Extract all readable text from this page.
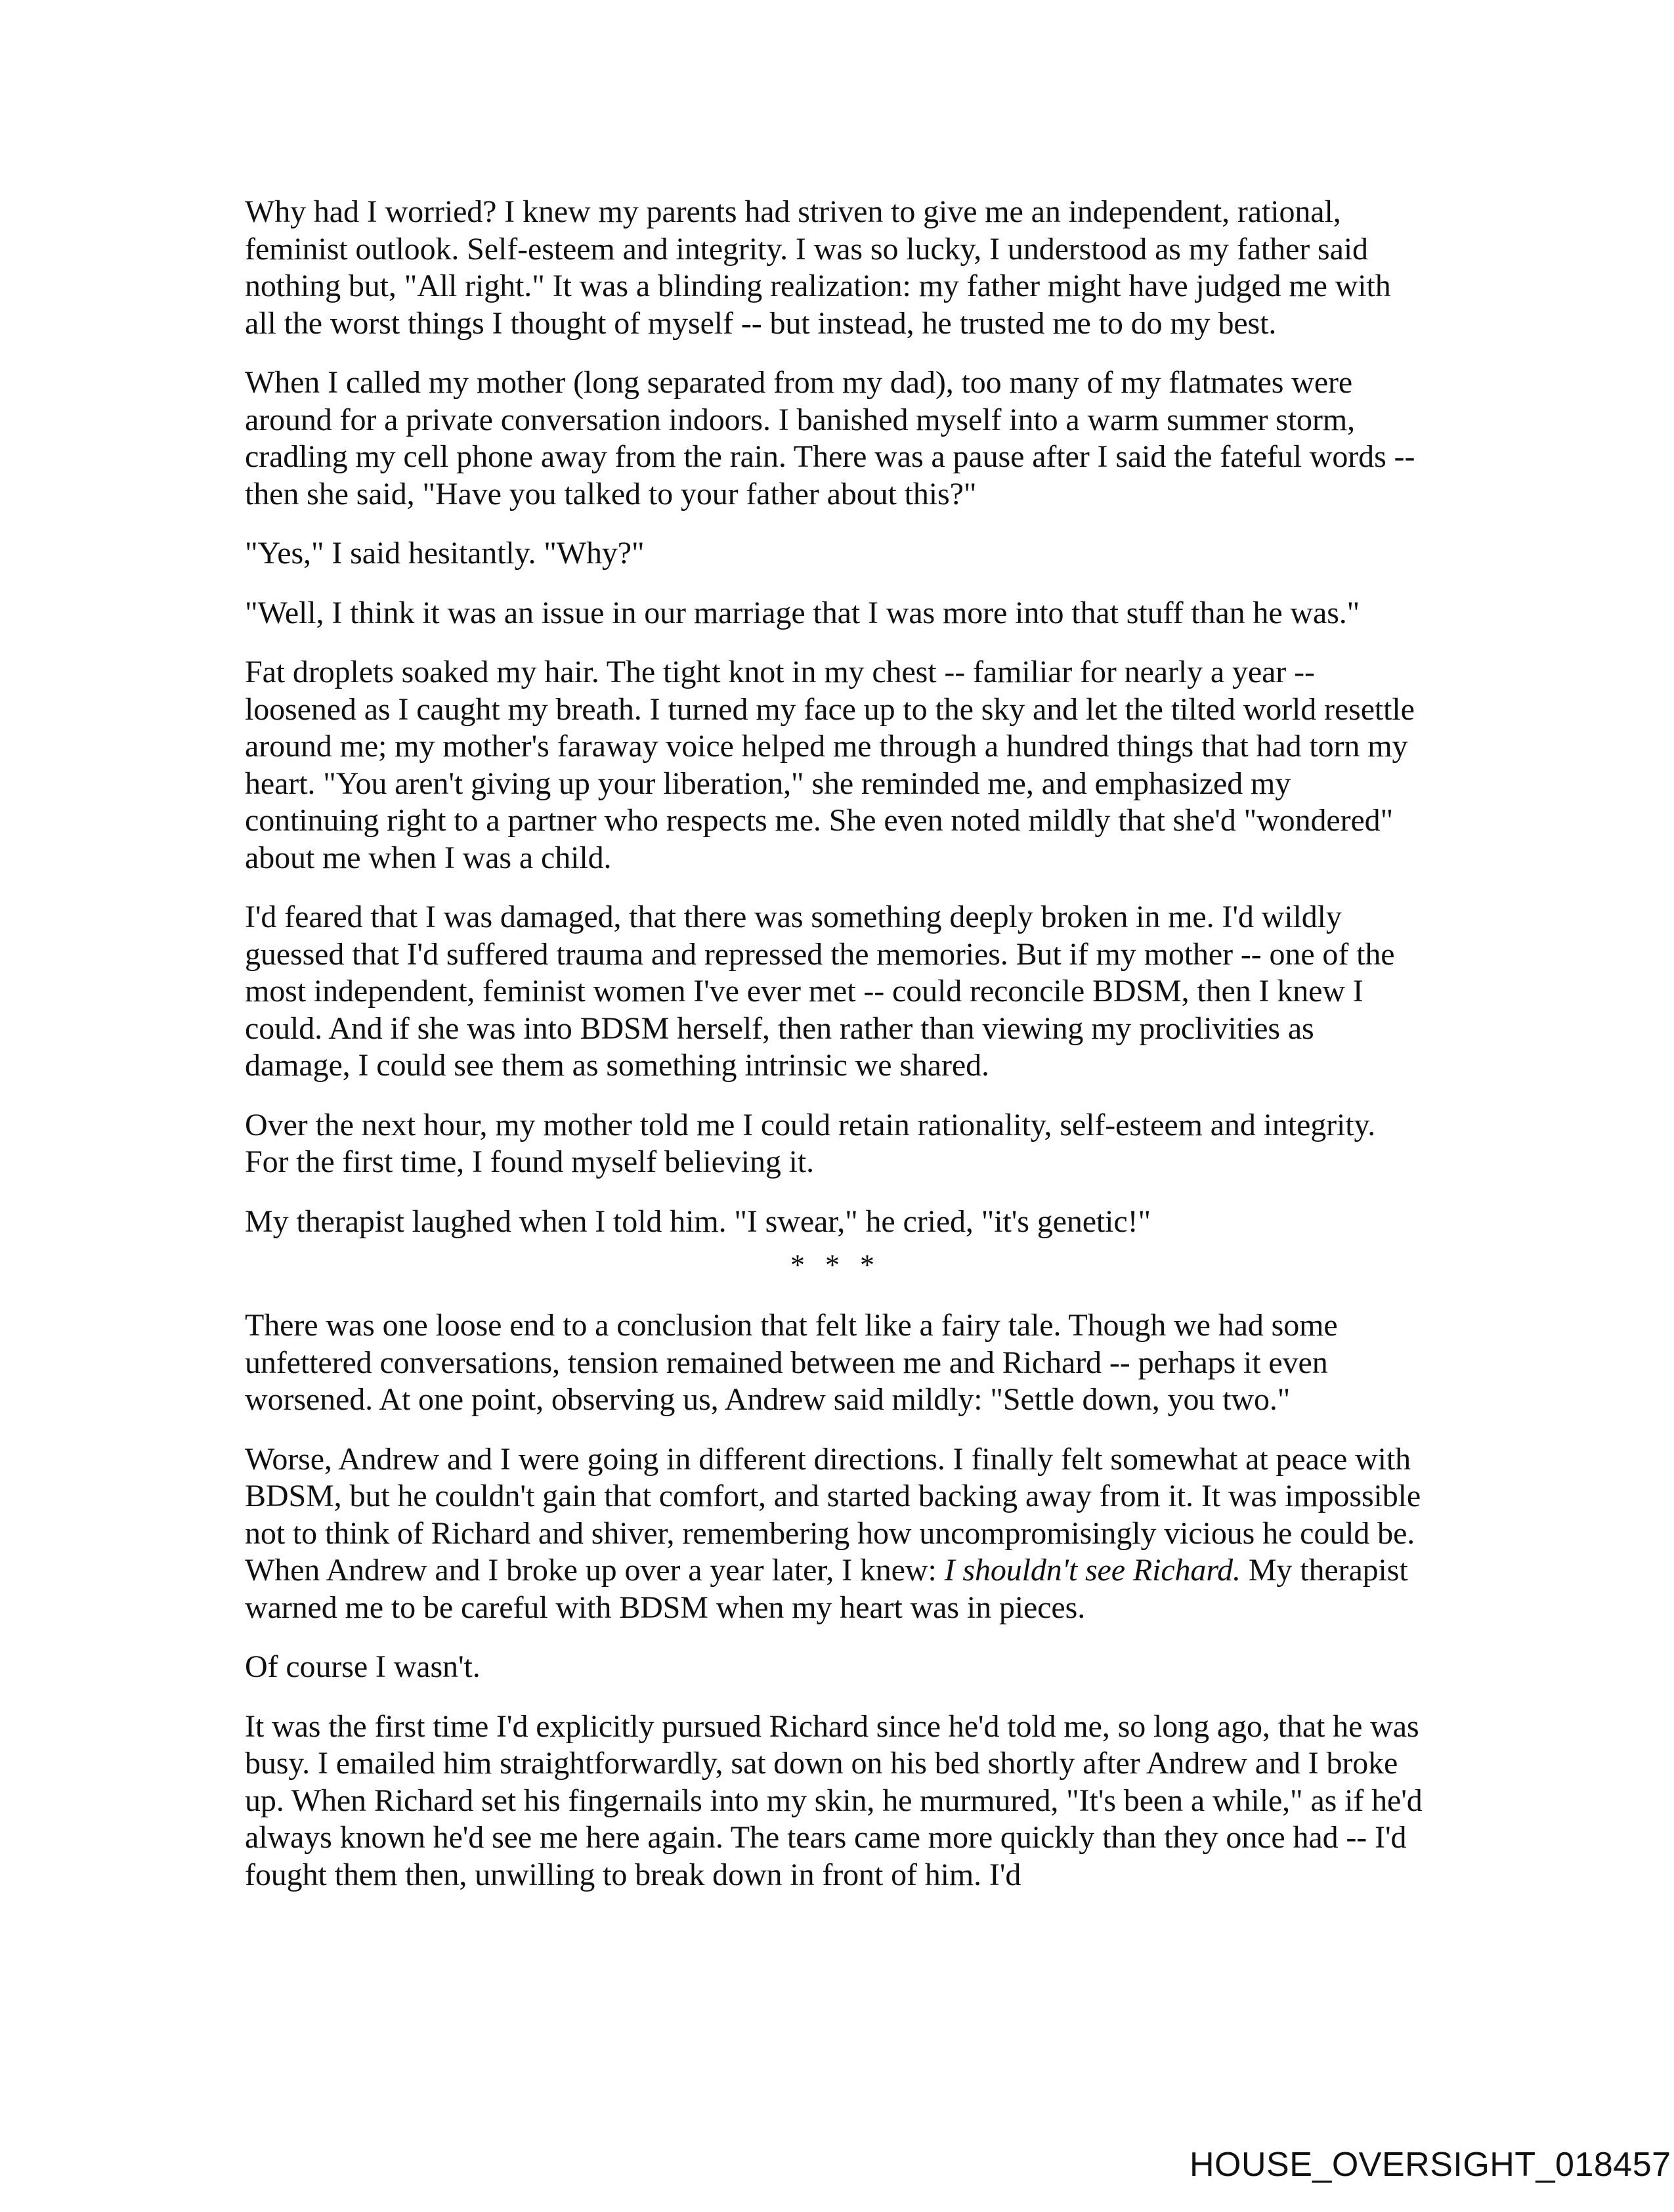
Why had I worried? I knew my parents had striven to give me an independent, rational, feminist outlook. Self-esteem and integrity. I was so lucky, I understood as my father said nothing but, "All right." It was a blinding realization: my father might have judged me with all the worst things I thought of myself -- but instead, he trusted me to do my best.

When I called my mother (long separated from my dad), too many of my flatmates were around for a private conversation indoors. I banished myself into a warm summer storm, cradling my cell phone away from the rain. There was a pause after I said the fateful words -- then she said, "Have you talked to your father about this?"

"Yes," I said hesitantly. "Why?"

"Well, I think it was an issue in our marriage that I was more into that stuff than he was."

Fat droplets soaked my hair. The tight knot in my chest -- familiar for nearly a year -- loosened as I caught my breath. I turned my face up to the sky and let the tilted world resettle around me; my mother's faraway voice helped me through a hundred things that had torn my heart. "You aren't giving up your liberation," she reminded me, and emphasized my continuing right to a partner who respects me. She even noted mildly that she'd "wondered" about me when I was a child.

I'd feared that I was damaged, that there was something deeply broken in me. I'd wildly guessed that I'd suffered trauma and repressed the memories. But if my mother -- one of the most independent, feminist women I've ever met -- could reconcile BDSM, then I knew I could. And if she was into BDSM herself, then rather than viewing my proclivities as damage, I could see them as something intrinsic we shared.

Over the next hour, my mother told me I could retain rationality, self-esteem and integrity. For the first time, I found myself believing it.

My therapist laughed when I told him. "I swear," he cried, "it's genetic!"

* * *

There was one loose end to a conclusion that felt like a fairy tale. Though we had some unfettered conversations, tension remained between me and Richard -- perhaps it even worsened. At one point, observing us, Andrew said mildly: "Settle down, you two."

Worse, Andrew and I were going in different directions. I finally felt somewhat at peace with BDSM, but he couldn't gain that comfort, and started backing away from it. It was impossible not to think of Richard and shiver, remembering how uncompromisingly vicious he could be. When Andrew and I broke up over a year later, I knew: I shouldn't see Richard. My therapist warned me to be careful with BDSM when my heart was in pieces.

Of course I wasn't.

It was the first time I'd explicitly pursued Richard since he'd told me, so long ago, that he was busy. I emailed him straightforwardly, sat down on his bed shortly after Andrew and I broke up. When Richard set his fingernails into my skin, he murmured, "It's been a while," as if he'd always known he'd see me here again. The tears came more quickly than they once had -- I'd fought them then, unwilling to break down in front of him. I'd

HOUSE_OVERSIGHT_018457
